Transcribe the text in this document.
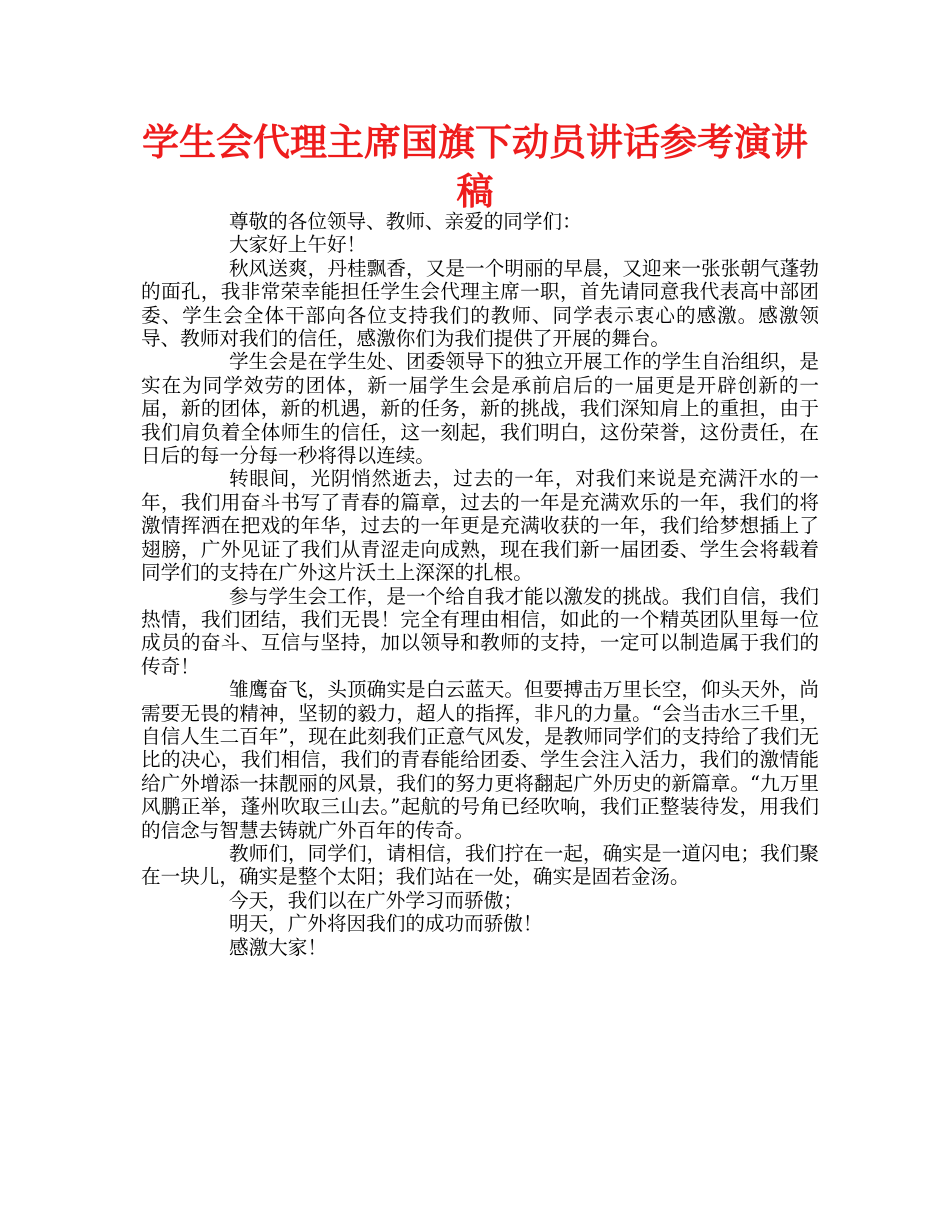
学生会代理主席国旗下动员讲话参考演讲稿

尊敬的各位领导、教师、亲爱的同学们：

大家好上午好！

秋风送爽，丹桂飘香，又是一个明丽的早晨，又迎来一张张朝气蓬勃的面孔，我非常荣幸能担任学生会代理主席一职，首先请同意我代表高中部团委、学生会全体干部向各位支持我们的教师、同学表示衷心的感激。感激领导、教师对我们的信任，感激你们为我们提供了开展的舞台。

学生会是在学生处、团委领导下的独立开展工作的学生自治组织，是实在为同学效劳的团体，新一届学生会是承前启后的一届更是开辟创新的一届，新的团体，新的机遇，新的任务，新的挑战，我们深知肩上的重担，由于我们肩负着全体师生的信任，这一刻起，我们明白，这份荣誉，这份责任，在日后的每一分每一秒将得以连续。

转眼间，光阴悄然逝去，过去的一年，对我们来说是充满汗水的一年，我们用奋斗书写了青春的篇章，过去的一年是充满欢乐的一年，我们的将激情挥洒在把戏的年华，过去的一年更是充满收获的一年，我们给梦想插上了翅膀，广外见证了我们从青涩走向成熟，现在我们新一届团委、学生会将载着同学们的支持在广外这片沃土上深深的扎根。

参与学生会工作，是一个给自我才能以激发的挑战。我们自信，我们热情，我们团结，我们无畏！完全有理由相信，如此的一个精英团队里每一位成员的奋斗、互信与坚持，加以领导和教师的支持，一定可以制造属于我们的传奇！

雏鹰奋飞，头顶确实是白云蓝天。但要搏击万里长空，仰头天外，尚需要无畏的精神，坚韧的毅力，超人的指挥，非凡的力量。“会当击水三千里，自信人生二百年”，现在此刻我们正意气风发，是教师同学们的支持给了我们无比的决心，我们相信，我们的青春能给团委、学生会注入活力，我们的激情能给广外增添一抹靓丽的风景，我们的努力更将翻起广外历史的新篇章。“九万里风鹏正举，蓬州吹取三山去。”起航的号角已经吹响，我们正整装待发，用我们的信念与智慧去铸就广外百年的传奇。

教师们，同学们，请相信，我们拧在一起，确实是一道闪电；我们聚在一块儿，确实是整个太阳；我们站在一处，确实是固若金汤。

今天，我们以在广外学习而骄傲；

明天，广外将因我们的成功而骄傲！

感激大家！
